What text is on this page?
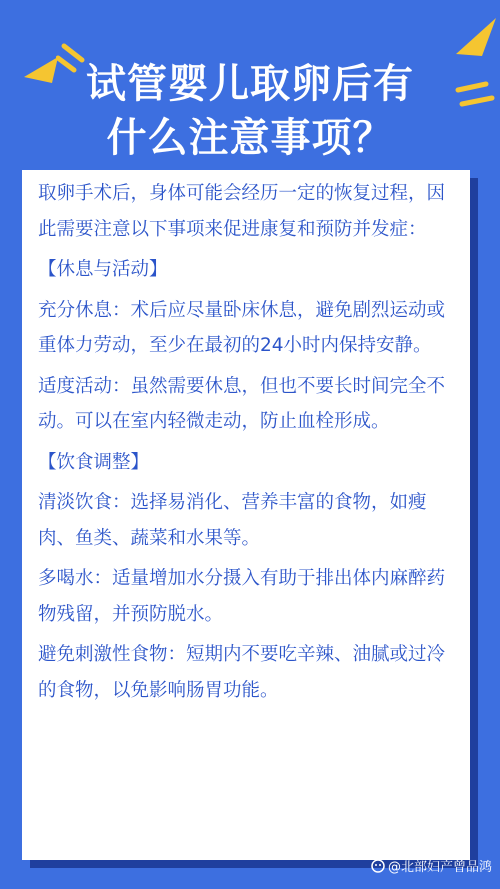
试管婴儿取卵后有
什么注意事项？

取卵手术后，身体可能会经历一定的恢复过程，因此需要注意以下事项来促进康复和预防并发症：

【休息与活动】

充分休息：术后应尽量卧床休息，避免剧烈运动或重体力劳动，至少在最初的24小时内保持安静。

适度活动：虽然需要休息，但也不要长时间完全不动。可以在室内轻微走动，防止血栓形成。

【饮食调整】

清淡饮食：选择易消化、营养丰富的食物，如瘦肉、鱼类、蔬菜和水果等。

多喝水：适量增加水分摄入有助于排出体内麻醉药物残留，并预防脱水。

避免刺激性食物：短期内不要吃辛辣、油腻或过冷的食物，以免影响肠胃功能。

@北部妇产曾品鸿
